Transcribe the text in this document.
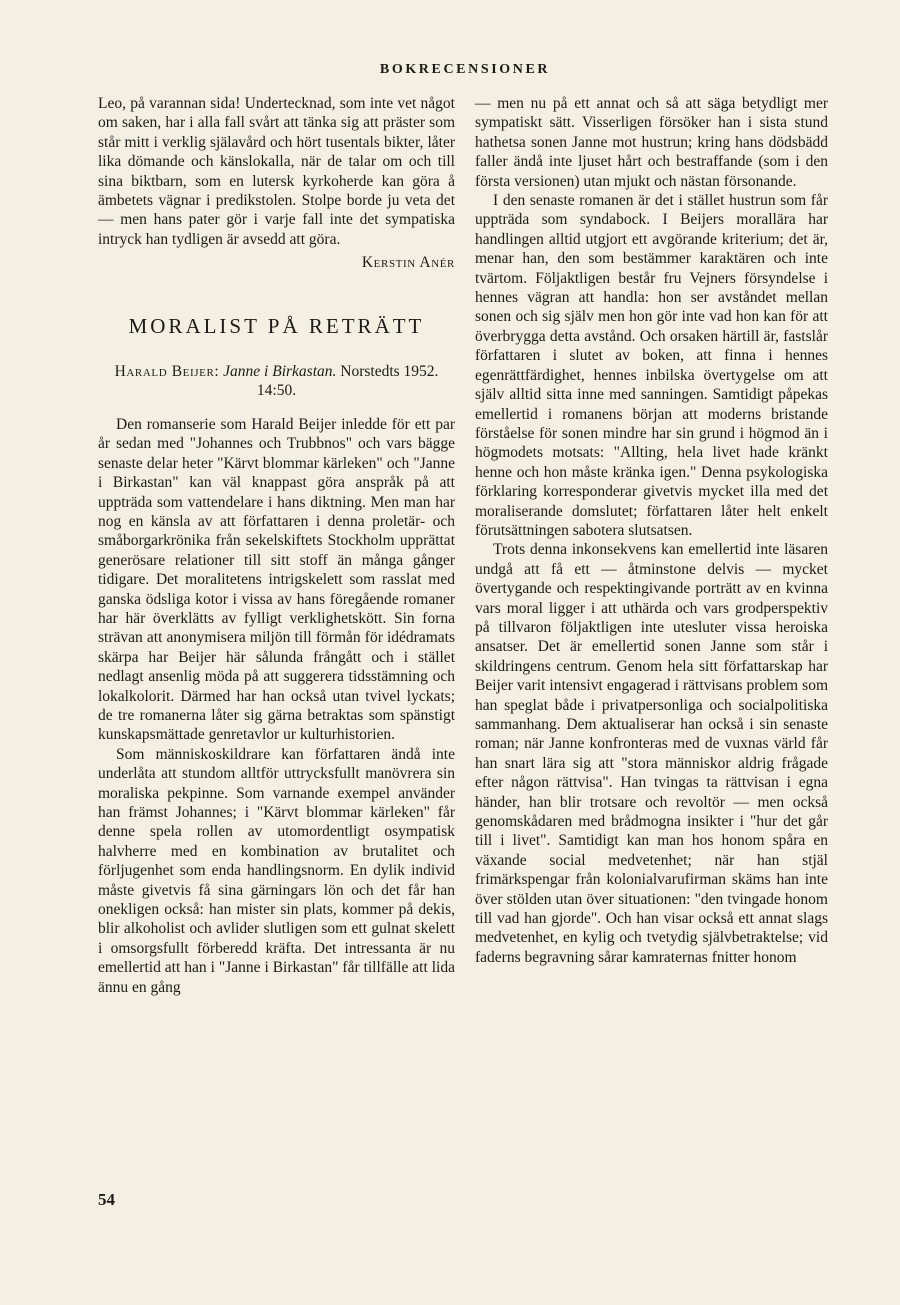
BOKRECENSIONER

Leo, på varannan sida! Undertecknad, som inte vet något om saken, har i alla fall svårt att tänka sig att präster som står mitt i verklig själavård och hört tusentals bikter, låter lika dömande och känslokalla, när de talar om och till sina biktbarn, som en lutersk kyrkoherde kan göra å ämbetets vägnar i predikstolen. Stolpe borde ju veta det — men hans pater gör i varje fall inte det sympatiska intryck han tydligen är avsedd att göra.

Kerstin Anér
MORALIST PÅ RETRÄTT
Harald Beijer: Janne i Birkastan. Norstedts 1952. 14:50.

Den romanserie som Harald Beijer inledde för ett par år sedan med "Johannes och Trubbnos" och vars bägge senaste delar heter "Kärvt blommar kärleken" och "Janne i Birkastan" kan väl knappast göra anspråk på att uppträda som vattendelare i hans diktning. Men man har nog en känsla av att författaren i denna proletär- och småborgarkrönika från sekelskiftets Stockholm upprättat generösare relationer till sitt stoff än många gånger tidigare. Det moralitetens intrigskelett som rasslat med ganska ödsliga kotor i vissa av hans föregående romaner har här överklätts av fylligt verklighetskött. Sin forna strävan att anonymisera miljön till förmån för idédramats skärpa har Beijer här sålunda frångått och i stället nedlagt ansenlig möda på att suggerera tidsstämning och lokalkolorit. Därmed har han också utan tvivel lyckats; de tre romanerna låter sig gärna betraktas som spänstigt kunskapsmättade genretavlor ur kulturhistorien.

Som människoskildrare kan författaren ändå inte underlåta att stundom alltför uttrycksfullt manövrera sin moraliska pekpinne. Som varnande exempel använder han främst Johannes; i "Kärvt blommar kärleken" får denne spela rollen av utomordentligt osympatisk halvherre med en kombination av brutalitet och förljugenhet som enda handlingsnorm. En dylik individ måste givetvis få sina gärningars lön och det får han onekligen också: han mister sin plats, kommer på dekis, blir alkoholist och avlider slutligen som ett gulnat skelett i omsorgsfullt förberedd kräfta. Det intressanta är nu emellertid att han i "Janne i Birkastan" får tillfälle att lida ännu en gång

— men nu på ett annat och så att säga betydligt mer sympatiskt sätt. Visserligen försöker han i sista stund hathetsa sonen Janne mot hustrun; kring hans dödsbädd faller ändå inte ljuset hårt och bestraffande (som i den första versionen) utan mjukt och nästan försonande.

I den senaste romanen är det i stället hustrun som får uppträda som syndabock. I Beijers morallära har handlingen alltid utgjort ett avgörande kriterium; det är, menar han, den som bestämmer karaktären och inte tvärtom. Följaktligen består fru Vejners försyndelse i hennes vägran att handla: hon ser avståndet mellan sonen och sig själv men hon gör inte vad hon kan för att överbrygga detta avstånd. Och orsaken härtill är, fastslår författaren i slutet av boken, att finna i hennes egenrättfärdighet, hennes inbilska övertygelse om att själv alltid sitta inne med sanningen. Samtidigt påpekas emellertid i romanens början att moderns bristande förståelse för sonen mindre har sin grund i högmod än i högmodets motsats: "Allting, hela livet hade kränkt henne och hon måste kränka igen." Denna psykologiska förklaring korresponderar givetvis mycket illa med det moraliserande domslutet; författaren låter helt enkelt förutsättningen sabotera slutsatsen.

Trots denna inkonsekvens kan emellertid inte läsaren undgå att få ett — åtminstone delvis — mycket övertygande och respektingivande porträtt av en kvinna vars moral ligger i att uthärda och vars grodperspektiv på tillvaron följaktligen inte utesluter vissa heroiska ansatser. Det är emellertid sonen Janne som står i skildringens centrum. Genom hela sitt författarskap har Beijer varit intensivt engagerad i rättvisans problem som han speglat både i privatpersonliga och socialpolitiska sammanhang. Dem aktualiserar han också i sin senaste roman; när Janne konfronteras med de vuxnas värld får han snart lära sig att "stora människor aldrig frågade efter någon rättvisa". Han tvingas ta rättvisan i egna händer, han blir trotsare och revoltör — men också genomskådaren med brådmogna insikter i "hur det går till i livet". Samtidigt kan man hos honom spåra en växande social medvetenhet; när han stjäl frimärkspengar från kolonialvarufirman skäms han inte över stölden utan över situationen: "den tvingade honom till vad han gjorde". Och han visar också ett annat slags medvetenhet, en kylig och tvetydig självbetraktelse; vid faderns begravning sårar kamraternas fnitter honom

54
